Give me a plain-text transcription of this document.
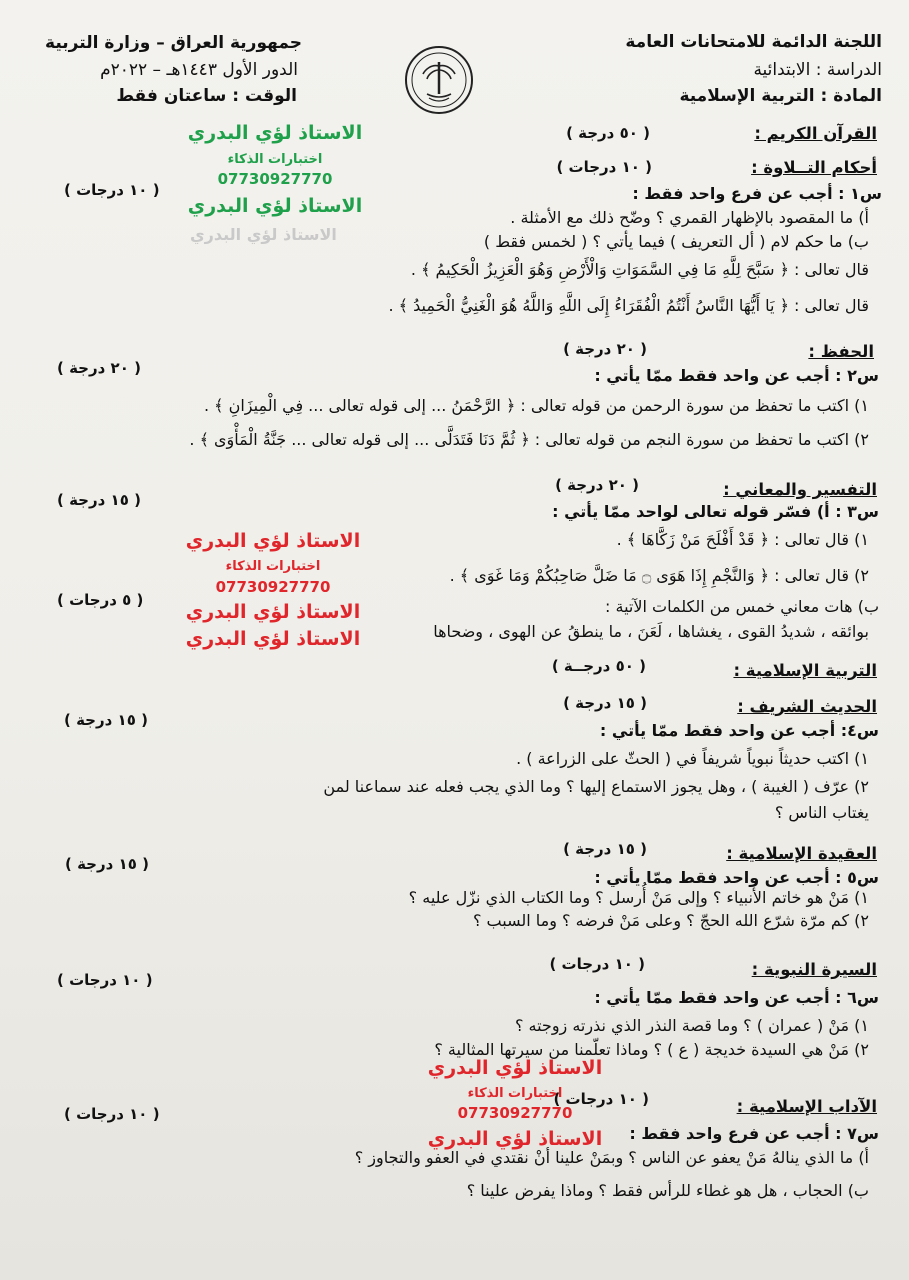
اللجنة الدائمة للامتحانات العامة
الدراسة : الابتدائية
المادة : التربية الإسلامية
جمهورية العراق – وزارة التربية
الدور الأول ١٤٤٣هـ – ٢٠٢٢م
الوقت : ساعتان فقط
الاستاذ لؤي البدري
اختبارات الذكاء
07730927770
الاستاذ لؤي البدري
الاستاذ لؤي البدري
القرآن الكريم :
( ٥٠ درجة )
أحكام التــلاوة :
( ١٠ درجات )
( ١٠ درجات )	س١ : أجب عن فرع واحد فقط :
أ) ما المقصود بالإظهار القمري ؟ وضّح ذلك مع الأمثلة .
ب) ما حكم لام ( أل التعريف ) فيما يأتي ؟ ( لخمس فقط )
قال تعالى : ﴿ سَبَّحَ لِلَّهِ مَا فِي السَّمَوَاتِ وَالْأَرْضِ وَهُوَ الْعَزِيزُ الْحَكِيمُ ﴾ .
قال تعالى : ﴿ يَا أَيُّهَا النَّاسُ أَنْتُمُ الْفُقَرَاءُ إِلَى اللَّهِ وَاللَّهُ هُوَ الْغَنِيُّ الْحَمِيدُ ﴾ .
الحفظ :
( ٢٠ درجة )
( ٢٠ درجة )	س٢ : أجب عن واحد فقط ممّا يأتي :
١) اكتب ما تحفظ من سورة الرحمن من قوله تعالى : ﴿ الرَّحْمَنُ ... إلى قوله تعالى ... فِي الْمِيزَانِ ﴾ .
٢) اكتب ما تحفظ من سورة النجم من قوله تعالى : ﴿ ثُمَّ دَنَا فَتَدَلَّى ... إلى قوله تعالى ... جَنَّةُ الْمَأْوَى ﴾ .
التفسير والمعاني :
( ٢٠ درجة )
( ١٥ درجة )
س٣ : أ) فسّر قوله تعالى لواحد ممّا يأتي :
١) قال تعالى : ﴿ قَدْ أَفْلَحَ مَنْ زَكَّاهَا ﴾ .
٢) قال تعالى : ﴿ وَالنَّجْمِ إِذَا هَوَى ۝ مَا ضَلَّ صَاحِبُكُمْ وَمَا غَوَى ﴾ .
( ٥ درجات )	ب) هات معاني خمس من الكلمات الآتية :
بوائقه ، شديدُ القوى ، يغشاها ، لَعَنَ ، ما ينطقُ عن الهوى ، وضحاها
الاستاذ لؤي البدري
اختبارات الذكاء
07730927770
الاستاذ لؤي البدري
الاستاذ لؤي البدري
التربية الإسلامية :
( ٥٠ درجــة )
الحديث الشريف :
( ١٥ درجة )
( ١٥ درجة )
س٤: أجب عن واحد فقط ممّا يأتي :
١) اكتب حديثاً نبوياً شريفاً في ( الحثّ على الزراعة ) .
٢) عرّف ( الغيبة ) ، وهل يجوز الاستماع إليها ؟ وما الذي يجب فعله عند سماعنا لمن
يغتاب الناس ؟
العقيدة الإسلامية :
( ١٥ درجة )
( ١٥ درجة )
س٥ : أجب عن واحد فقط ممّا يأتي :
١) مَنْ هو خاتم الأنبياء ؟ وإلى مَنْ أُرسل ؟ وما الكتاب الذي نزّل عليه ؟
٢) كم مرّة شرّع الله الحجّ ؟ وعلى مَنْ فرضه ؟ وما السبب ؟
السيرة النبوية :
( ١٠ درجات )
( ١٠ درجات )
س٦ : أجب عن واحد فقط ممّا يأتي :
١) مَنْ ( عمران ) ؟ وما قصة النذر الذي نذرته زوجته ؟
٢) مَنْ هي السيدة خديجة ( ع ) ؟ وماذا تعلّمنا من سيرتها المثالية ؟
الاستاذ لؤي البدري
اختبارات الذكاء
07730927770
الاستاذ لؤي البدري
الآداب الإسلامية :
( ١٠ درجات )
( ١٠ درجات )
س٧ : أجب عن فرع واحد فقط :
أ) ما الذي ينالهُ مَنْ يعفو عن الناس ؟ وبمَنْ علينا أنْ نقتدي في العفو والتجاوز ؟
ب) الحجاب ، هل هو غطاء للرأس فقط ؟ وماذا يفرض علينا ؟
